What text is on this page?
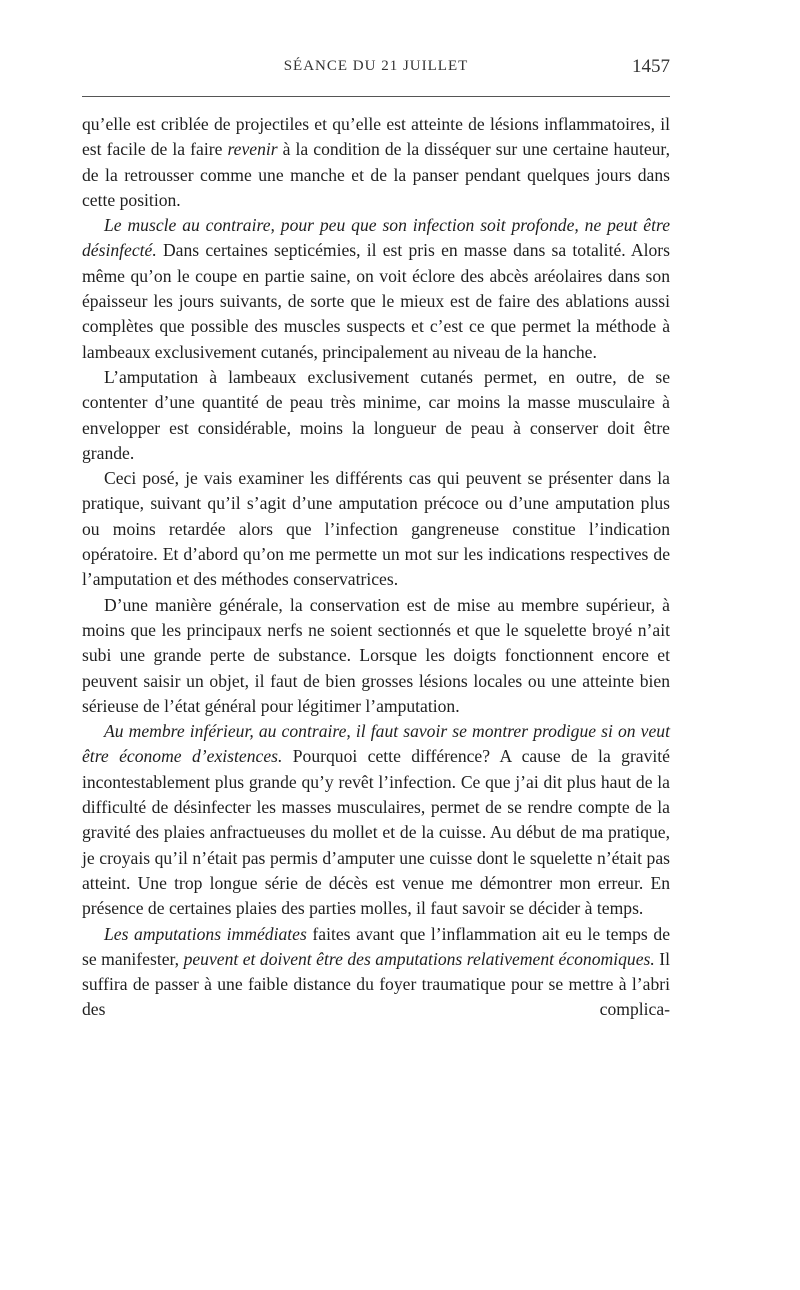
SÉANCE DU 21 JUILLET	1457

qu’elle est criblée de projectiles et qu’elle est atteinte de lésions inflammatoires, il est facile de la faire revenir à la condition de la disséquer sur une certaine hauteur, de la retrousser comme une manche et de la panser pendant quelques jours dans cette position.

Le muscle au contraire, pour peu que son infection soit profonde, ne peut être désinfecté. Dans certaines septicémies, il est pris en masse dans sa totalité. Alors même qu’on le coupe en partie saine, on voit éclore des abcès aréolaires dans son épaisseur les jours suivants, de sorte que le mieux est de faire des ablations aussi complètes que possible des muscles suspects et c’est ce que permet la méthode à lambeaux exclusivement cutanés, principalement au niveau de la hanche.

L’amputation à lambeaux exclusivement cutanés permet, en outre, de se contenter d’une quantité de peau très minime, car moins la masse musculaire à envelopper est considérable, moins la longueur de peau à conserver doit être grande.

Ceci posé, je vais examiner les différents cas qui peuvent se présenter dans la pratique, suivant qu’il s’agit d’une amputation précoce ou d’une amputation plus ou moins retardée alors que l’infection gangreneuse constitue l’indication opératoire. Et d’abord qu’on me permette un mot sur les indications respectives de l’amputation et des méthodes conservatrices.

D’une manière générale, la conservation est de mise au membre supérieur, à moins que les principaux nerfs ne soient sectionnés et que le squelette broyé n’ait subi une grande perte de substance. Lorsque les doigts fonctionnent encore et peuvent saisir un objet, il faut de bien grosses lésions locales ou une atteinte bien sérieuse de l’état général pour légitimer l’amputation.

Au membre inférieur, au contraire, il faut savoir se montrer prodigue si on veut être économe d’existences. Pourquoi cette différence? A cause de la gravité incontestablement plus grande qu’y revêt l’infection. Ce que j’ai dit plus haut de la difficulté de désinfecter les masses musculaires, permet de se rendre compte de la gravité des plaies anfractueuses du mollet et de la cuisse. Au début de ma pratique, je croyais qu’il n’était pas permis d’amputer une cuisse dont le squelette n’était pas atteint. Une trop longue série de décès est venue me démontrer mon erreur. En présence de certaines plaies des parties molles, il faut savoir se décider à temps.

Les amputations immédiates faites avant que l’inflammation ait eu le temps de se manifester, peuvent et doivent être des amputations relativement économiques. Il suffira de passer à une faible distance du foyer traumatique pour se mettre à l’abri des complica-
